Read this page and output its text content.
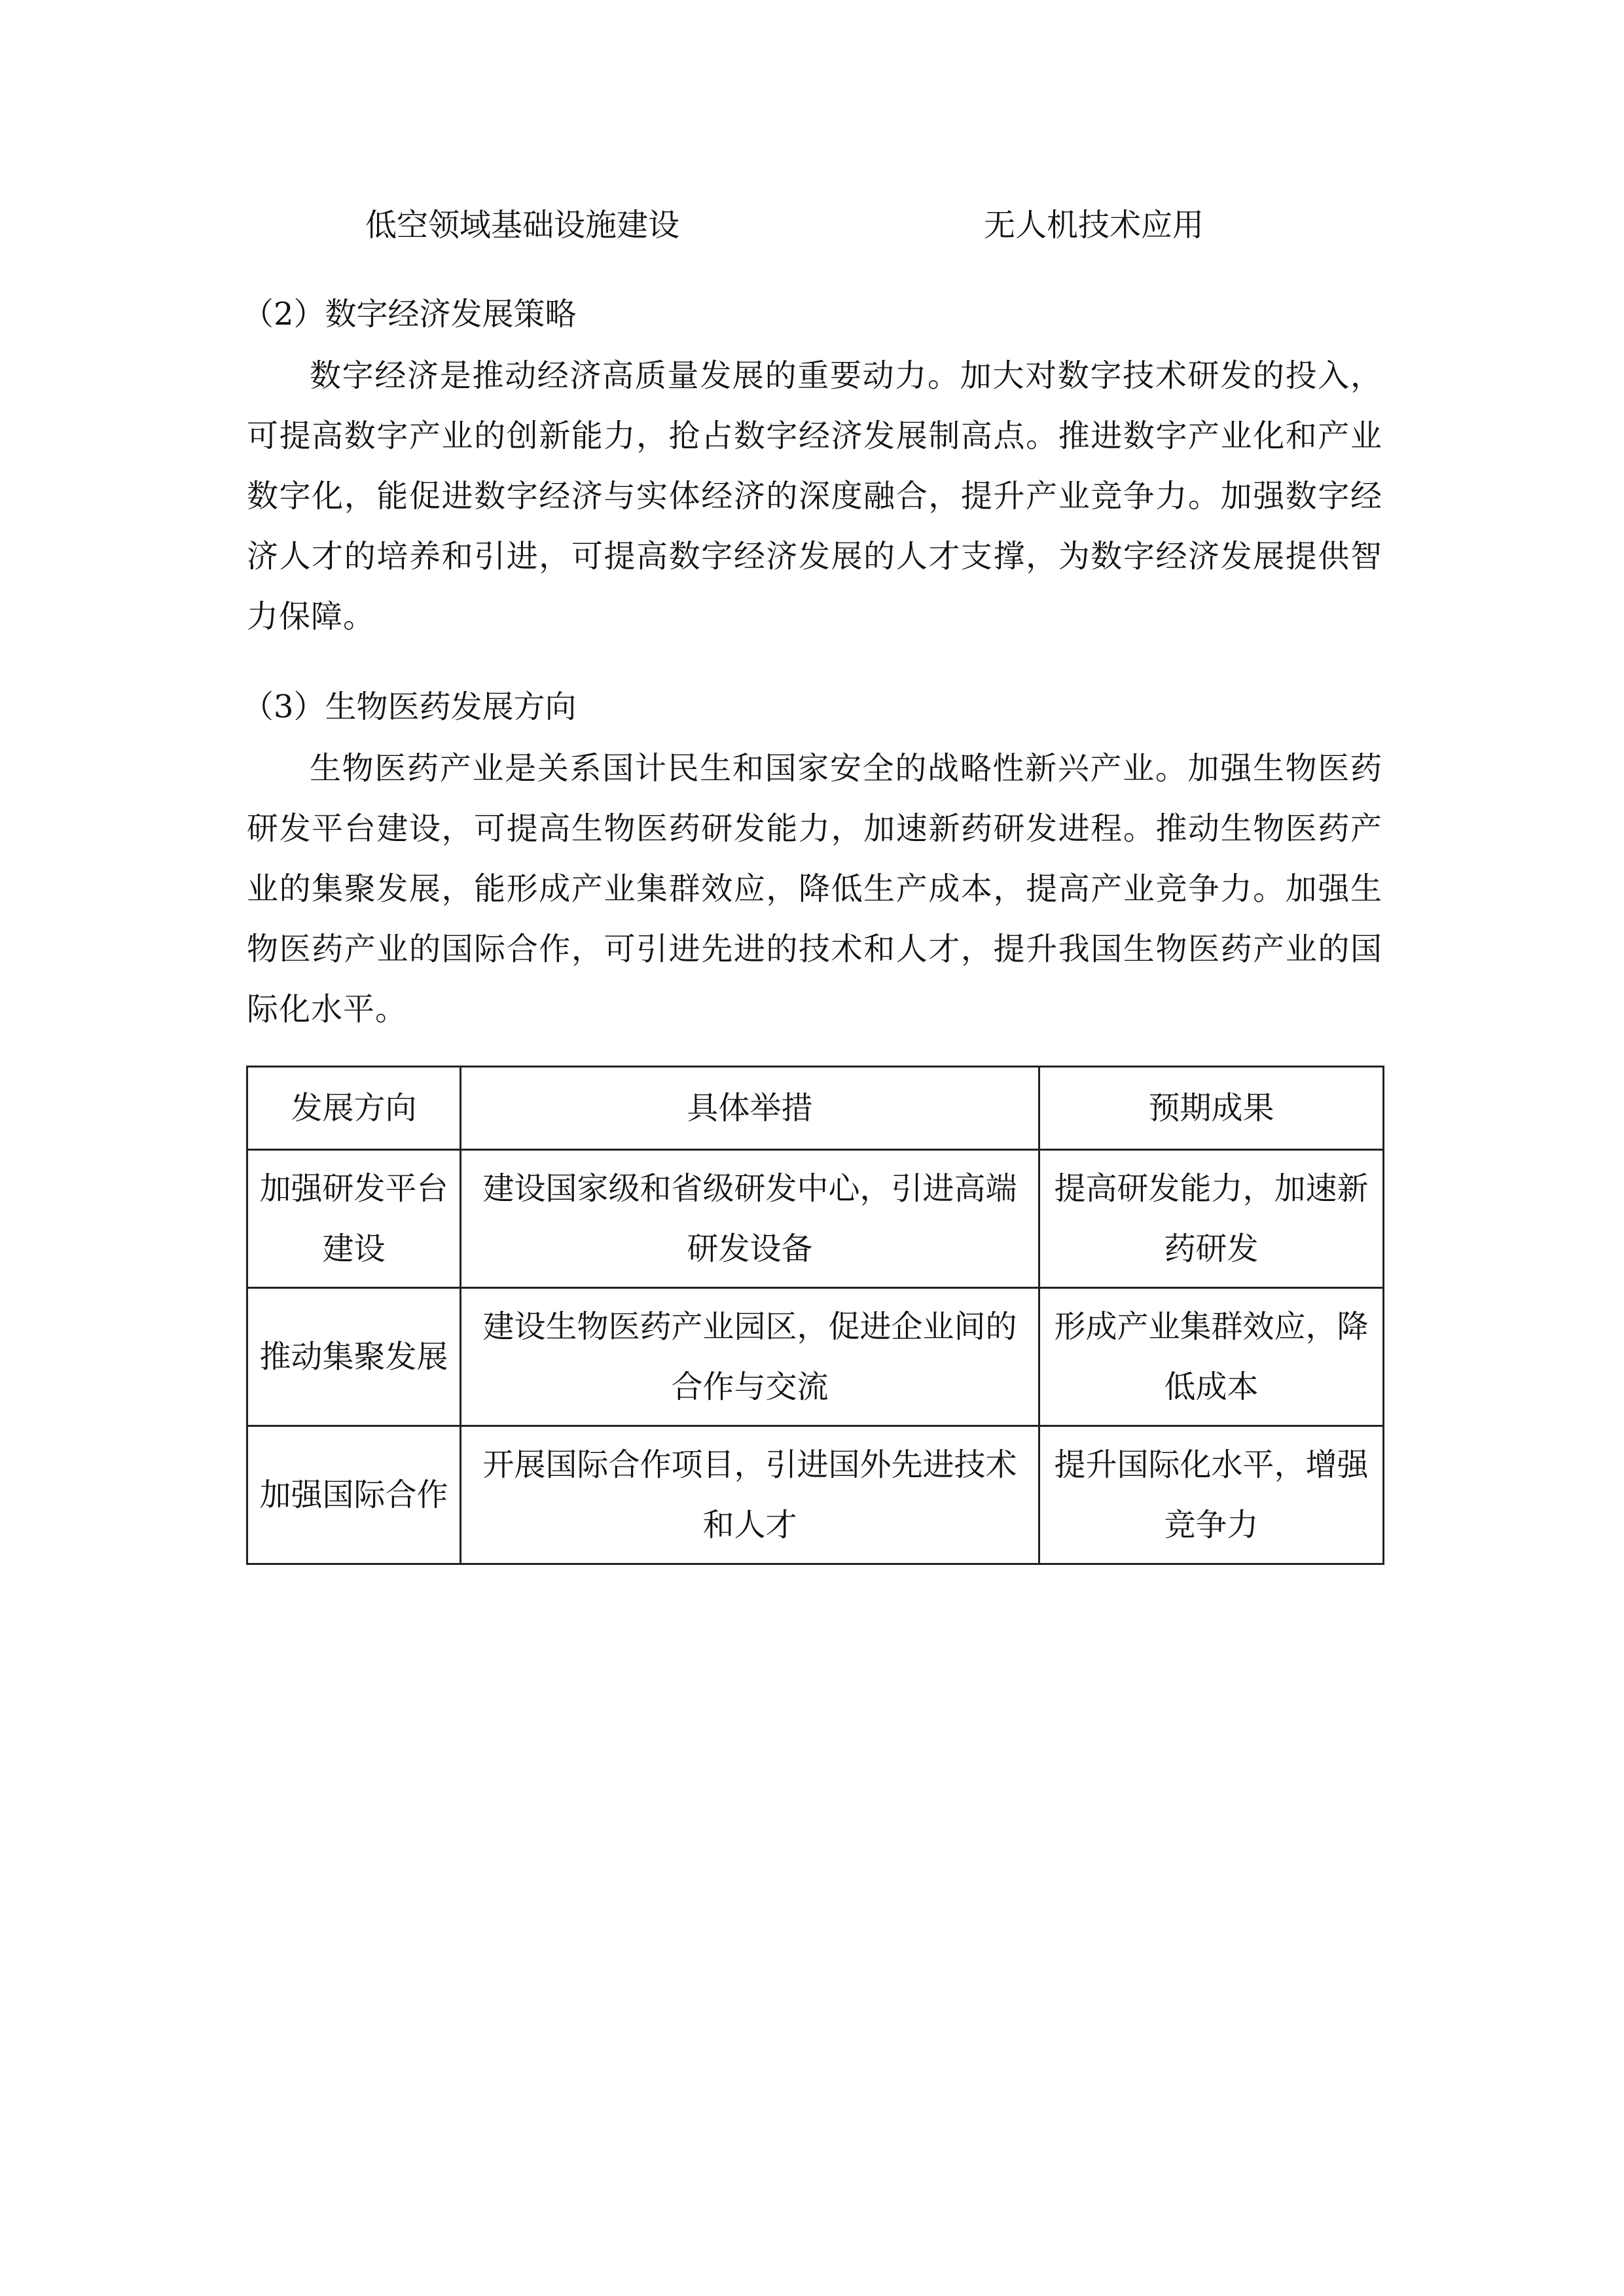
低空领域基础设施建设	无人机技术应用
（2）数字经济发展策略

数字经济是推动经济高质量发展的重要动力。加大对数字技术研发的投入，可提高数字产业的创新能力，抢占数字经济发展制高点。推进数字产业化和产业数字化，能促进数字经济与实体经济的深度融合，提升产业竞争力。加强数字经济人才的培养和引进，可提高数字经济发展的人才支撑，为数字经济发展提供智力保障。

（3）生物医药发展方向

生物医药产业是关系国计民生和国家安全的战略性新兴产业。加强生物医药研发平台建设，可提高生物医药研发能力，加速新药研发进程。推动生物医药产业的集聚发展，能形成产业集群效应，降低生产成本，提高产业竞争力。加强生物医药产业的国际合作，可引进先进的技术和人才，提升我国生物医药产业的国际化水平。

发展方向	具体举措	预期成果
加强研发平台建设	建设国家级和省级研发中心，引进高端研发设备	提高研发能力，加速新药研发
推动集聚发展	建设生物医药产业园区，促进企业间的合作与交流	形成产业集群效应，降低成本
加强国际合作	开展国际合作项目，引进国外先进技术和人才	提升国际化水平，增强竞争力
